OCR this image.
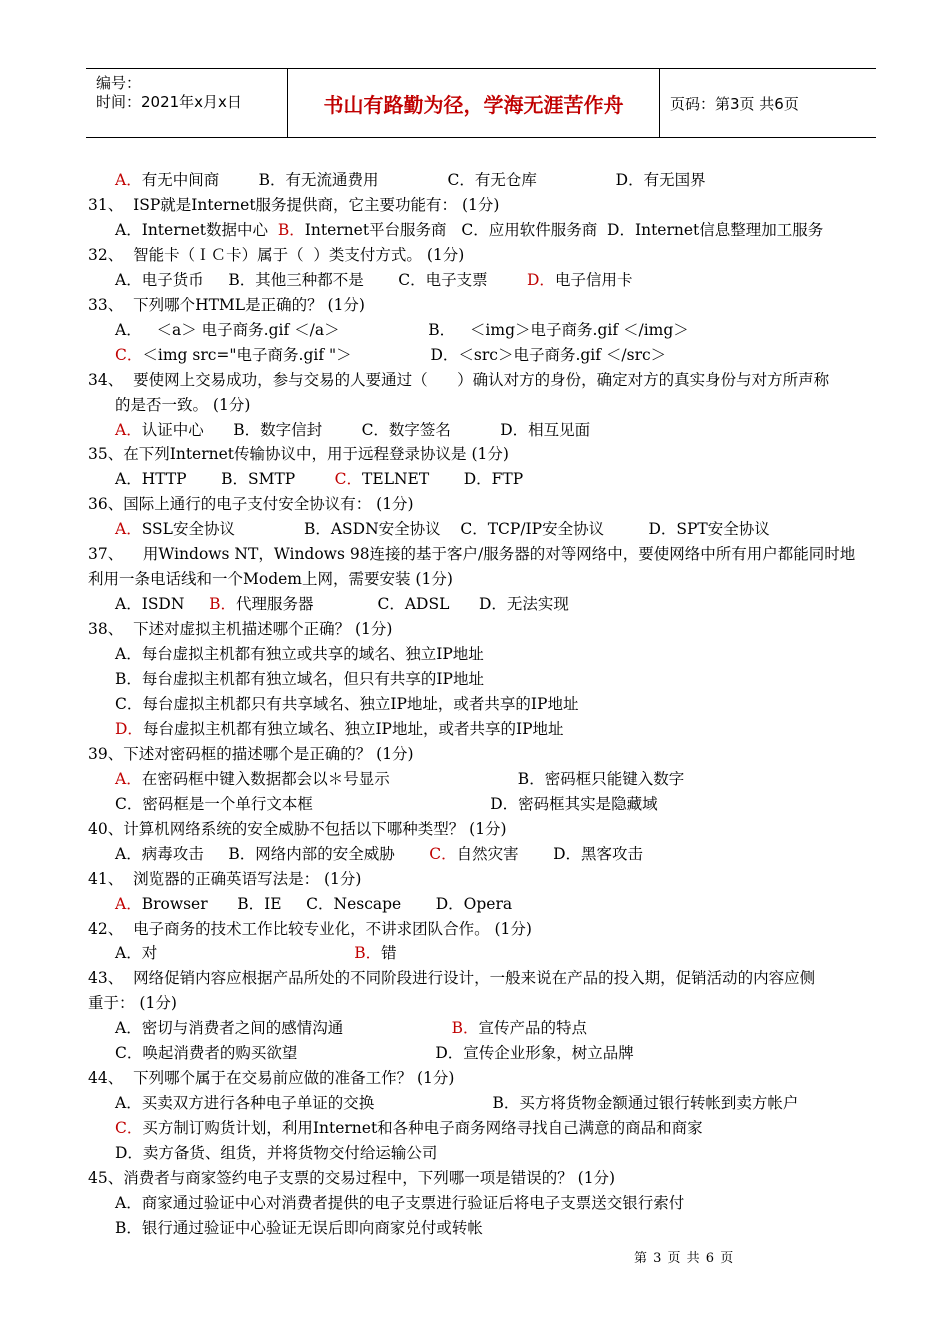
编号：
时间：2021年x月x日	书山有路勤为径，学海无涯苦作舟	页码：第3页 共6页
A．有无中间商        B．有无流通费用              C．有无仓库                D．有无国界
31、  ISP就是Internet服务提供商，它主要功能有： (1分)
A．Internet数据中心  B．Internet平台服务商   C．应用软件服务商  D．Internet信息整理加工服务
32、  智能卡（ＩＣ卡）属于（  ）类支付方式。 (1分)
A．电子货币     B．其他三种都不是       C．电子支票        D．电子信用卡
33、  下列哪个HTML是正确的？ (1分)
A．   ＜a＞ 电子商务.gif ＜/a＞                  B．   ＜img＞电子商务.gif ＜/img＞
C．＜img src="电子商务.gif "＞                D．＜src＞电子商务.gif ＜/src＞
34、  要使网上交易成功，参与交易的人要通过（      ）确认对方的身份，确定对方的真实身份与对方所声称
的是否一致。 (1分)
A．认证中心      B．数字信封        C．数字签名          D．相互见面
35、在下列Internet传输协议中，用于远程登录协议是 (1分)
A．HTTP       B．SMTP        C．TELNET       D．FTP
36、国际上通行的电子支付安全协议有： (1分)
A．SSL安全协议              B．ASDN安全协议    C．TCP/IP安全协议         D．SPT安全协议
37、    用Windows NT，Windows 98连接的基于客户/服务器的对等网络中，要使网络中所有用户都能同时地
利用一条电话线和一个Modem上网，需要安装 (1分)
A．ISDN     B．代理服务器             C．ADSL      D．无法实现
38、  下述对虚拟主机描述哪个正确？ (1分)
A．每台虚拟主机都有独立或共享的域名、独立IP地址
B．每台虚拟主机都有独立域名，但只有共享的IP地址
C．每台虚拟主机都只有共享域名、独立IP地址，或者共享的IP地址
D．每台虚拟主机都有独立域名、独立IP地址，或者共享的IP地址
39、下述对密码框的描述哪个是正确的？ (1分)
A．在密码框中键入数据都会以＊号显示                          B．密码框只能键入数字
C．密码框是一个单行文本框                                    D．密码框其实是隐藏域
40、计算机网络系统的安全威胁不包括以下哪种类型？ (1分)
A．病毒攻击     B．网络内部的安全威胁       C．自然灾害       D．黑客攻击
41、  浏览器的正确英语写法是： (1分)
A．Browser      B．IE     C．Nescape       D．Opera
42、  电子商务的技术工作比较专业化，不讲求团队合作。 (1分)
A．对                                        B．错
43、  网络促销内容应根据产品所处的不同阶段进行设计，一般来说在产品的投入期，促销活动的内容应侧
重于： (1分)
A．密切与消费者之间的感情沟通                      B．宣传产品的特点
C．唤起消费者的购买欲望                            D．宣传企业形象，树立品牌
44、  下列哪个属于在交易前应做的准备工作？ (1分)
A．买卖双方进行各种电子单证的交换                        B．买方将货物金额通过银行转帐到卖方帐户
C．买方制订购货计划，利用Internet和各种电子商务网络寻找自己满意的商品和商家
D．卖方备货、组货，并将货物交付给运输公司
45、消费者与商家签约电子支票的交易过程中，下列哪一项是错误的？ (1分)
A．商家通过验证中心对消费者提供的电子支票进行验证后将电子支票送交银行索付
B．银行通过验证中心验证无误后即向商家兑付或转帐
第 3 页 共 6 页
